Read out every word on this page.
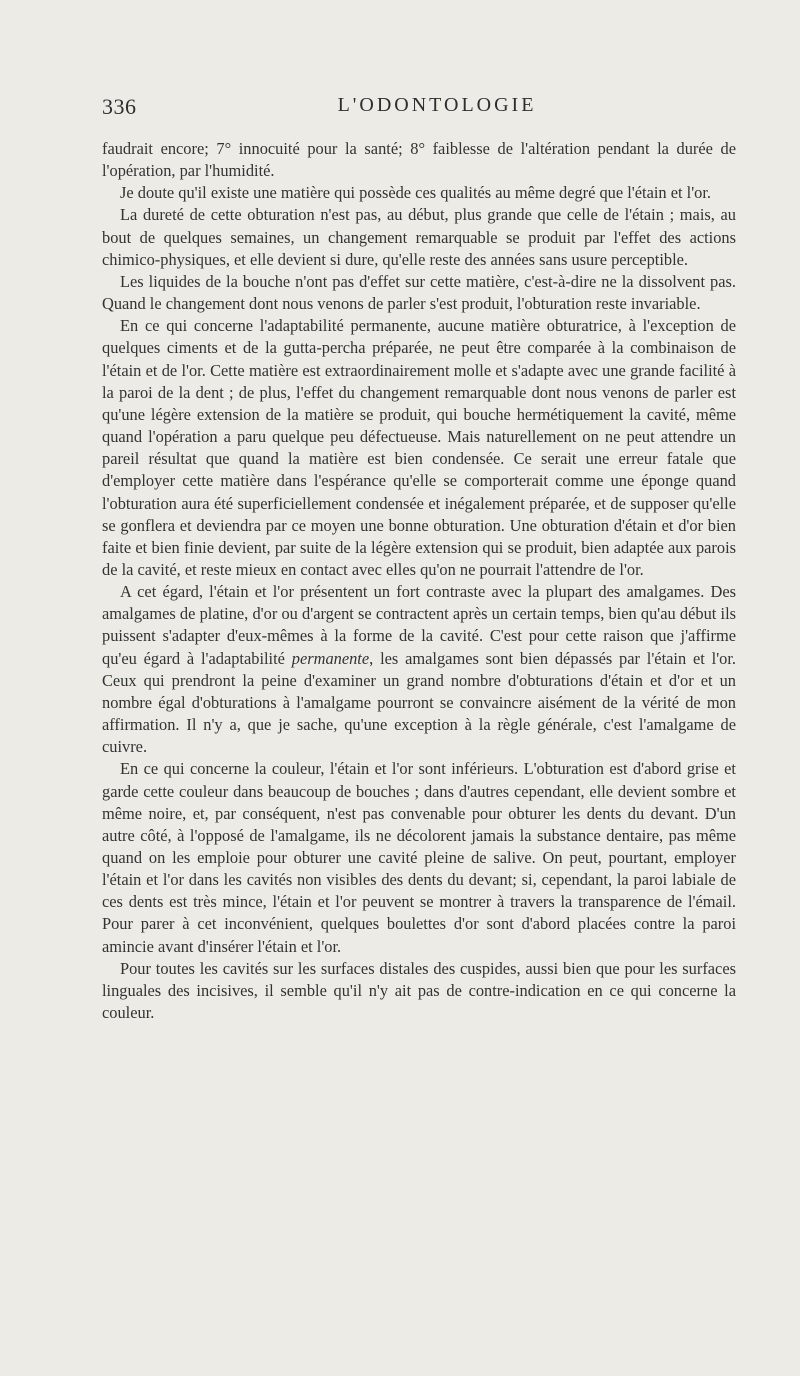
336	L'ODONTOLOGIE

faudrait encore; 7° innocuité pour la santé; 8° faiblesse de l'altération pendant la durée de l'opération, par l'humidité.

Je doute qu'il existe une matière qui possède ces qualités au même degré que l'étain et l'or.

La dureté de cette obturation n'est pas, au début, plus grande que celle de l'étain ; mais, au bout de quelques semaines, un changement remarquable se produit par l'effet des actions chimico-physiques, et elle devient si dure, qu'elle reste des années sans usure perceptible.

Les liquides de la bouche n'ont pas d'effet sur cette matière, c'est-à-dire ne la dissolvent pas. Quand le changement dont nous venons de parler s'est produit, l'obturation reste invariable.

En ce qui concerne l'adaptabilité permanente, aucune matière obturatrice, à l'exception de quelques ciments et de la gutta-percha préparée, ne peut être comparée à la combinaison de l'étain et de l'or. Cette matière est extraordinairement molle et s'adapte avec une grande facilité à la paroi de la dent ; de plus, l'effet du changement remarquable dont nous venons de parler est qu'une légère extension de la matière se produit, qui bouche hermétiquement la cavité, même quand l'opération a paru quelque peu défectueuse. Mais naturellement on ne peut attendre un pareil résultat que quand la matière est bien condensée. Ce serait une erreur fatale que d'employer cette matière dans l'espérance qu'elle se comporterait comme une éponge quand l'obturation aura été superficiellement condensée et inégalement préparée, et de supposer qu'elle se gonflera et deviendra par ce moyen une bonne obturation. Une obturation d'étain et d'or bien faite et bien finie devient, par suite de la légère extension qui se produit, bien adaptée aux parois de la cavité, et reste mieux en contact avec elles qu'on ne pourrait l'attendre de l'or.

A cet égard, l'étain et l'or présentent un fort contraste avec la plupart des amalgames. Des amalgames de platine, d'or ou d'argent se contractent après un certain temps, bien qu'au début ils puissent s'adapter d'eux-mêmes à la forme de la cavité. C'est pour cette raison que j'affirme qu'eu égard à l'adaptabilité permanente, les amalgames sont bien dépassés par l'étain et l'or. Ceux qui prendront la peine d'examiner un grand nombre d'obturations d'étain et d'or et un nombre égal d'obturations à l'amalgame pourront se convaincre aisément de la vérité de mon affirmation. Il n'y a, que je sache, qu'une exception à la règle générale, c'est l'amalgame de cuivre.

En ce qui concerne la couleur, l'étain et l'or sont inférieurs. L'obturation est d'abord grise et garde cette couleur dans beaucoup de bouches ; dans d'autres cependant, elle devient sombre et même noire, et, par conséquent, n'est pas convenable pour obturer les dents du devant. D'un autre côté, à l'opposé de l'amalgame, ils ne décolorent jamais la substance dentaire, pas même quand on les emploie pour obturer une cavité pleine de salive. On peut, pourtant, employer l'étain et l'or dans les cavités non visibles des dents du devant; si, cependant, la paroi labiale de ces dents est très mince, l'étain et l'or peuvent se montrer à travers la transparence de l'émail. Pour parer à cet inconvénient, quelques boulettes d'or sont d'abord placées contre la paroi amincie avant d'insérer l'étain et l'or.

Pour toutes les cavités sur les surfaces distales des cuspides, aussi bien que pour les surfaces linguales des incisives, il semble qu'il n'y ait pas de contre-indication en ce qui concerne la couleur.
